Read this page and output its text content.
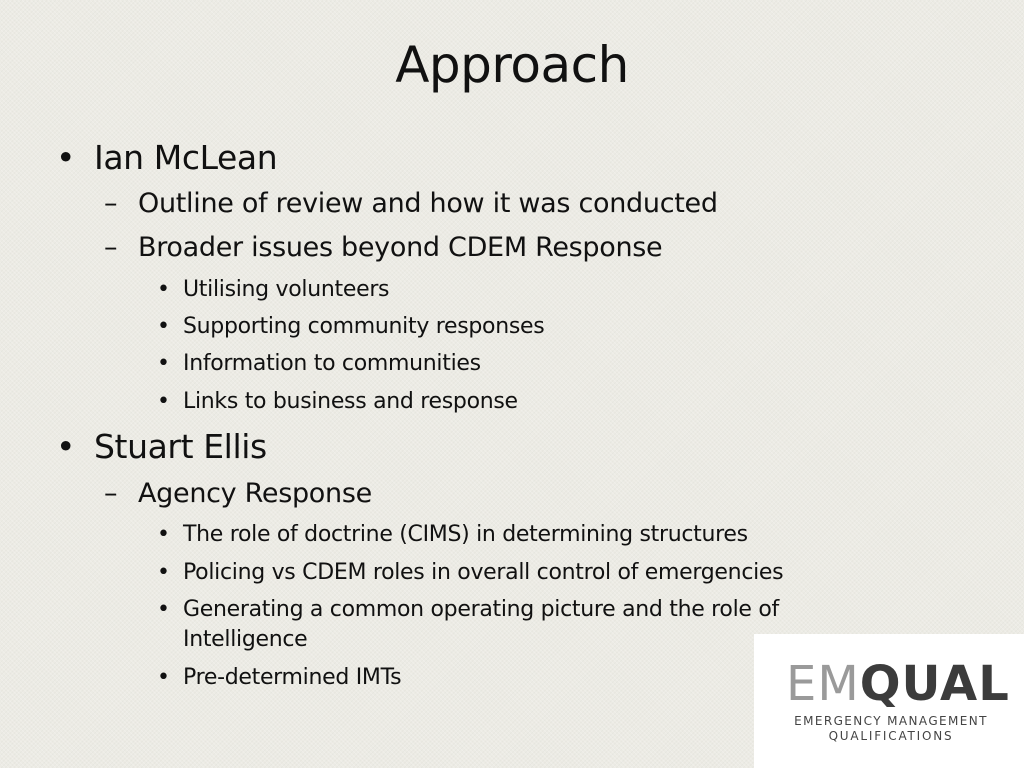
Approach
• Ian McLean
– Outline of review and how it was conducted
– Broader issues beyond CDEM Response
• Utilising volunteers
• Supporting community responses
• Information to communities
• Links to business and response
• Stuart Ellis
– Agency Response
• The role of doctrine (CIMS) in determining structures
• Policing vs CDEM roles in overall control of emergencies
• Generating a common operating picture and the role of Intelligence
• Pre-determined IMTs	EMQUAL
EMERGENCY MANAGEMENT
QUALIFICATIONS
